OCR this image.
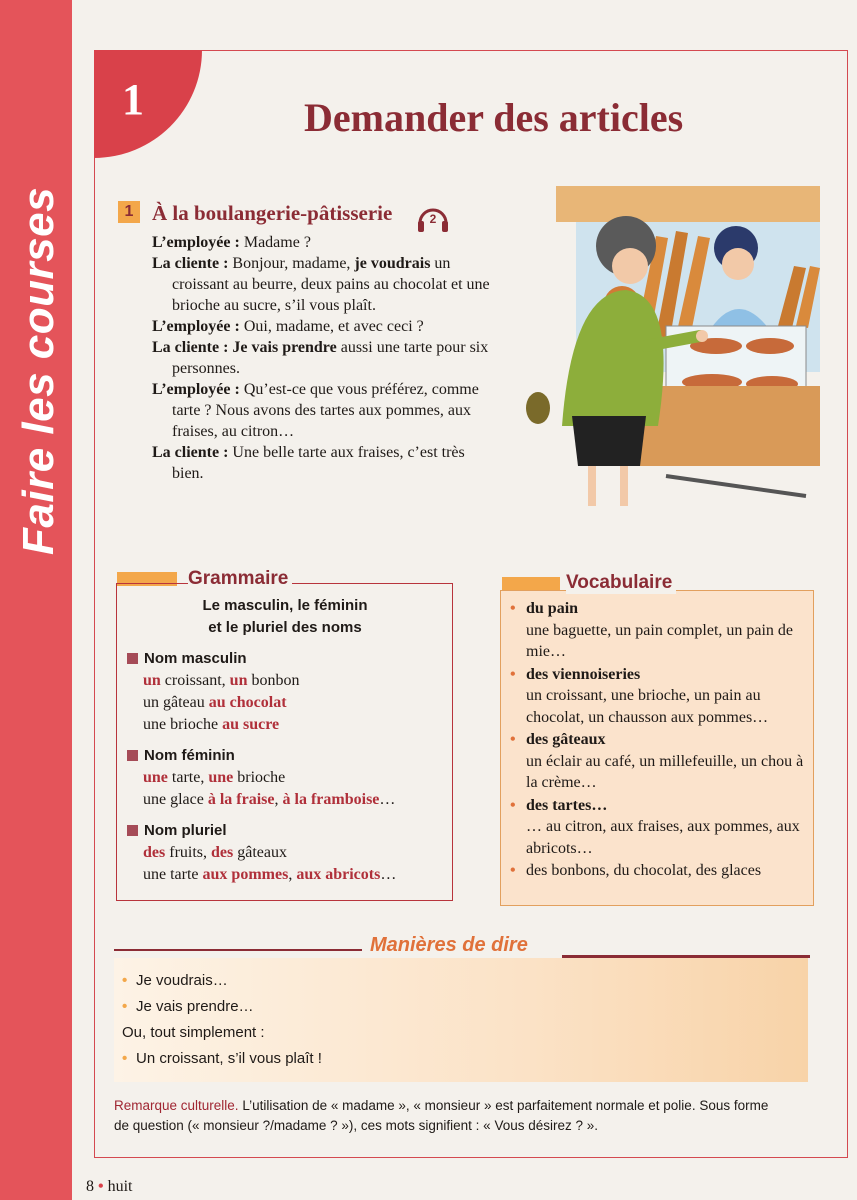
Faire les courses
1	Demander des articles
1 À la boulangerie-pâtisserie	2
L’employée : Madame ?
La cliente : Bonjour, madame, je voudrais un croissant au beurre, deux pains au chocolat et une brioche au sucre, s’il vous plaît.
L’employée : Oui, madame, et avec ceci ?
La cliente : Je vais prendre aussi une tarte pour six personnes.
L’employée : Qu’est-ce que vous préférez, comme tarte ? Nous avons des tartes aux pommes, aux fraises, au citron…
La cliente : Une belle tarte aux fraises, c’est très bien.
Grammaire
Le masculin, le féminin
et le pluriel des noms
Nom masculin
un croissant, un bonbon
un gâteau au chocolat
une brioche au sucre
Nom féminin
une tarte, une brioche
une glace à la fraise, à la framboise…
Nom pluriel
des fruits, des gâteaux
une tarte aux pommes, aux abricots…
Vocabulaire
• du pain
une baguette, un pain complet, un pain de mie…
• des viennoiseries
un croissant, une brioche, un pain au chocolat, un chausson aux pommes…
• des gâteaux
un éclair au café, un millefeuille, un chou à la crème…
• des tartes…
… au citron, aux fraises, aux pommes, aux abricots…
• des bonbons, du chocolat, des glaces
Manières de dire
• Je voudrais…
• Je vais prendre…
Ou, tout simplement :
• Un croissant, s’il vous plaît !
Remarque culturelle. L’utilisation de « madame », « monsieur » est parfaitement normale et polie. Sous forme de question (« monsieur ?/madame ? »), ces mots signifient : « Vous désirez ? ».
8 • huit
